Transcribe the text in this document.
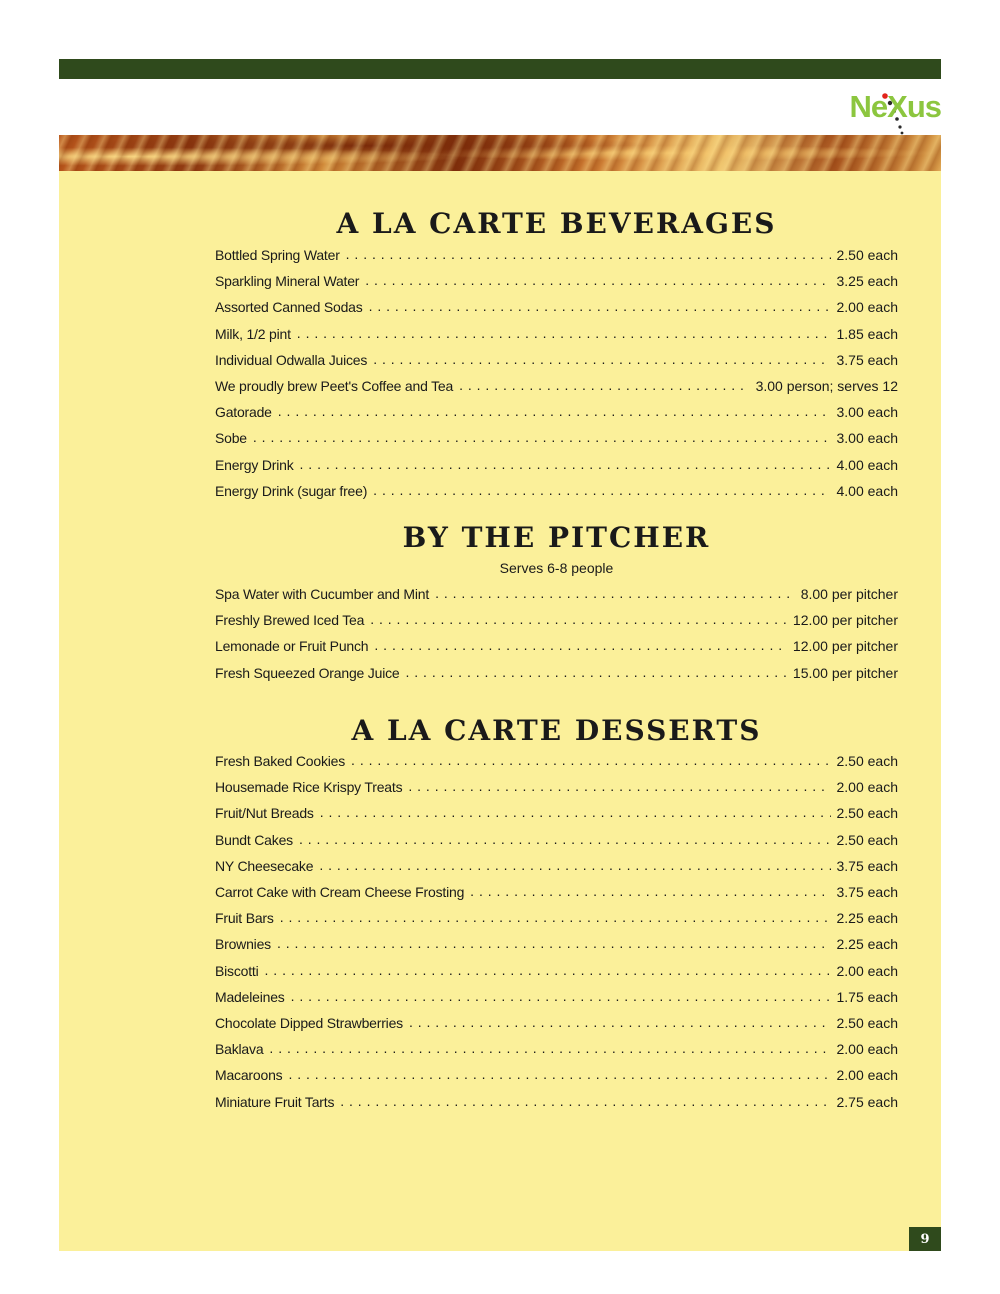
NeXus
A LA CARTE BEVERAGES
Bottled Spring Water . . .	2.50 each
Sparkling Mineral Water . . .	3.25 each
Assorted Canned Sodas . . .	2.00 each
Milk, 1/2 pint . . .	1.85 each
Individual Odwalla Juices . . .	3.75 each
We proudly brew Peet's Coffee and Tea . . .	3.00 person; serves 12
Gatorade . . .	3.00 each
Sobe . . .	3.00 each
Energy Drink . . .	4.00 each
Energy Drink (sugar free) . . .	4.00 each
BY THE PITCHER
Serves 6-8 people
Spa Water with Cucumber and Mint . . .	8.00 per pitcher
Freshly Brewed Iced Tea . . .	12.00 per pitcher
Lemonade or Fruit Punch . . .	12.00 per pitcher
Fresh Squeezed Orange Juice . . .	15.00 per pitcher
A LA CARTE DESSERTS
Fresh Baked Cookies . . .	2.50 each
Housemade Rice Krispy Treats . . .	2.00 each
Fruit/Nut Breads . . .	2.50 each
Bundt Cakes . . .	2.50 each
NY Cheesecake . . .	3.75 each
Carrot Cake with Cream Cheese Frosting . . .	3.75 each
Fruit Bars . . .	2.25 each
Brownies . . .	2.25 each
Biscotti . . .	2.00 each
Madeleines . . .	1.75 each
Chocolate Dipped Strawberries . . .	2.50 each
Baklava . . .	2.00 each
Macaroons . . .	2.00 each
Miniature Fruit Tarts . . .	2.75 each
9
